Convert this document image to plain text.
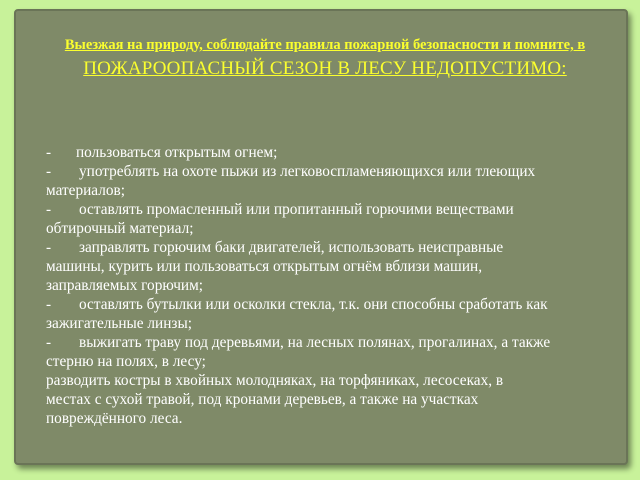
Выезжая на природу, соблюдайте правила пожарной безопасности и помните, в ПОЖАРООПАСНЫЙ СЕЗОН В ЛЕСУ НЕДОПУСТИМО:
- пользоваться открытым огнем;
- употреблять на охоте пыжи из легковоспламеняющихся или тлеющих
материалов;
- оставлять промасленный или пропитанный горючими веществами
обтирочный материал;
- заправлять горючим баки двигателей, использовать неисправные
машины, курить или пользоваться открытым огнём вблизи машин,
заправляемых горючим;
- оставлять бутылки или осколки стекла, т.к. они способны сработать как
зажигательные линзы;
- выжигать траву под деревьями, на лесных полянах, прогалинах, а также
стерню на полях, в лесу;
разводить костры в хвойных молодняках, на торфяниках, лесосеках, в
местах с сухой травой, под кронами деревьев, а также на участках
повреждённого леса.
